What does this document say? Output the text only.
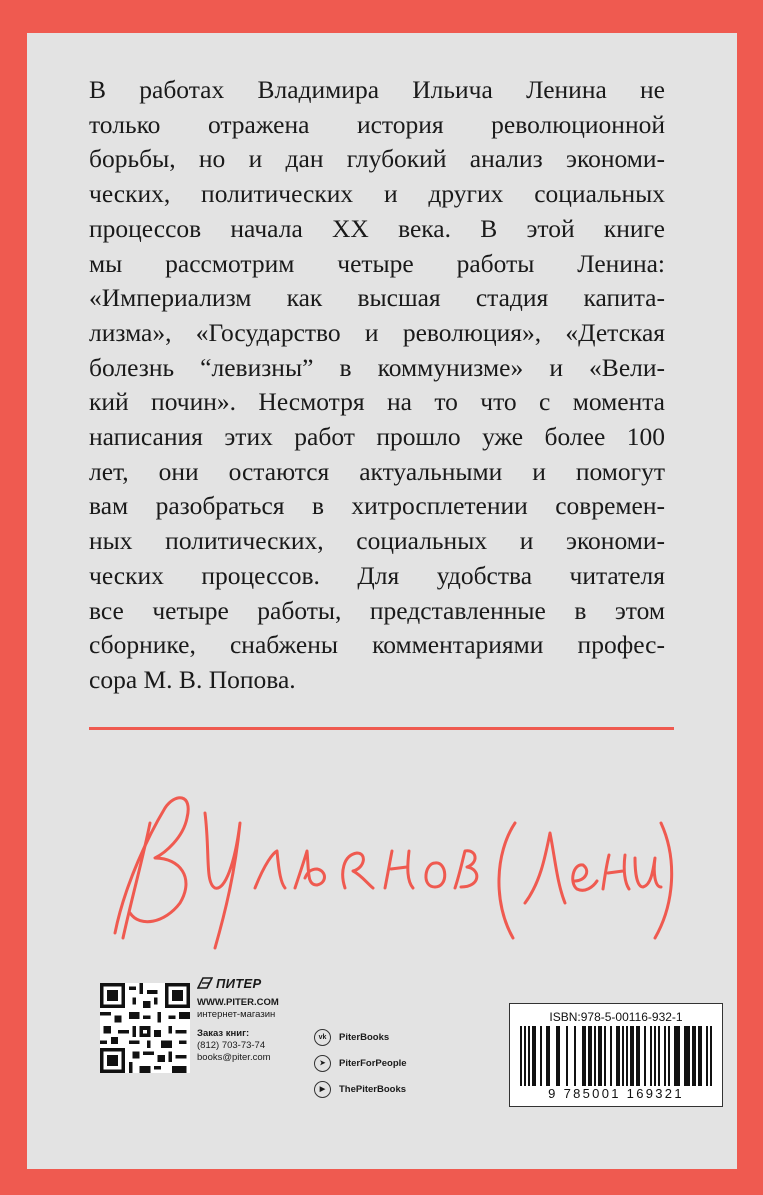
В работах Владимира Ильича Ленина не
только отражена история революционной
борьбы, но и дан глубокий анализ экономи-
ческих, политических и других социальных
процессов начала XX века. В этой книге
мы рассмотрим четыре работы Ленина:
«Империализм как высшая стадия капита-
лизма», «Государство и революция», «Детская
болезнь “левизны” в коммунизме» и «Вели-
кий почин». Несмотря на то что с момента
написания этих работ прошло уже более 100
лет, они остаются актуальными и помогут
вам разобраться в хитросплетении современ-
ных политических, социальных и экономи-
ческих процессов. Для удобства читателя
все четыре работы, представленные в этом
сборнике, снабжены комментариями профес-
сора М. В. Попова.
ПИТЕР
WWW.PITER.COM
интернет-магазин
Заказ книг:
(812) 703-73-74
books@piter.com
vk	PiterBooks
➤	PiterForPeople
▶	ThePiterBooks
ISBN:978-5-00116-932-1
9 785001 169321
